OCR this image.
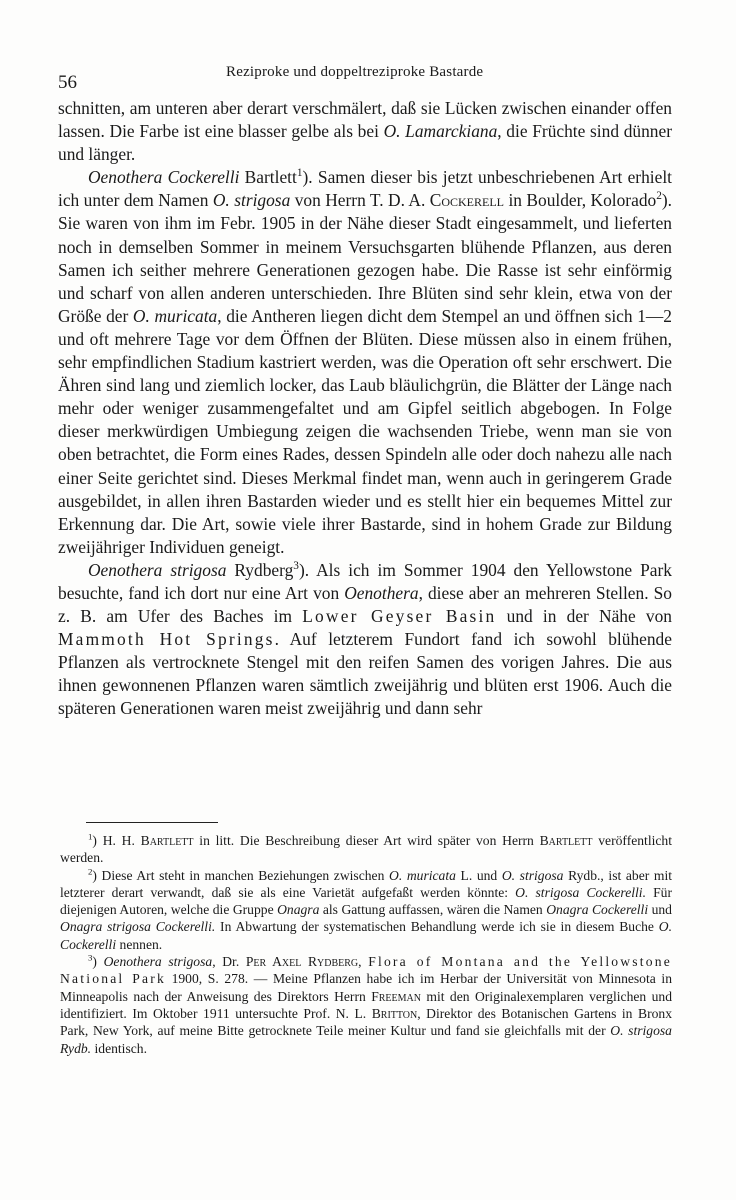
56	Reziproke und doppeltreziproke Bastarde

schnitten, am unteren aber derart verschmälert, daß sie Lücken zwischen einander offen lassen. Die Farbe ist eine blasser gelbe als bei O. Lamarckiana, die Früchte sind dünner und länger.

Oenothera Cockerelli Bartlett$^1$). Samen dieser bis jetzt unbeschriebenen Art erhielt ich unter dem Namen O. strigosa von Herrn T. D. A. Cockerell in Boulder, Kolorado$^2$). Sie waren von ihm im Febr. 1905 in der Nähe dieser Stadt eingesammelt, und lieferten noch in demselben Sommer in meinem Versuchsgarten blühende Pflanzen, aus deren Samen ich seither mehrere Generationen gezogen habe. Die Rasse ist sehr einförmig und scharf von allen anderen unterschieden. Ihre Blüten sind sehr klein, etwa von der Größe der O. muricata, die Antheren liegen dicht dem Stempel an und öffnen sich 1—2 und oft mehrere Tage vor dem Öffnen der Blüten. Diese müssen also in einem frühen, sehr empfindlichen Stadium kastriert werden, was die Operation oft sehr erschwert. Die Ähren sind lang und ziemlich locker, das Laub bläulichgrün, die Blätter der Länge nach mehr oder weniger zusammengefaltet und am Gipfel seitlich abgebogen. In Folge dieser merkwürdigen Umbiegung zeigen die wachsenden Triebe, wenn man sie von oben betrachtet, die Form eines Rades, dessen Spindeln alle oder doch nahezu alle nach einer Seite gerichtet sind. Dieses Merkmal findet man, wenn auch in geringerem Grade ausgebildet, in allen ihren Bastarden wieder und es stellt hier ein bequemes Mittel zur Erkennung dar. Die Art, sowie viele ihrer Bastarde, sind in hohem Grade zur Bildung zweijähriger Individuen geneigt.

Oenothera strigosa Rydberg$^3$). Als ich im Sommer 1904 den Yellowstone Park besuchte, fand ich dort nur eine Art von Oenothera, diese aber an mehreren Stellen. So z. B. am Ufer des Baches im Lower Geyser Basin und in der Nähe von Mammoth Hot Springs. Auf letzterem Fundort fand ich sowohl blühende Pflanzen als vertrocknete Stengel mit den reifen Samen des vorigen Jahres. Die aus ihnen gewonnenen Pflanzen waren sämtlich zweijährig und blüten erst 1906. Auch die späteren Generationen waren meist zweijährig und dann sehr

$^1$) H. H. Bartlett in litt. Die Beschreibung dieser Art wird später von Herrn Bartlett veröffentlicht werden.

$^2$) Diese Art steht in manchen Beziehungen zwischen O. muricata L. und O. strigosa Rydb., ist aber mit letzterer derart verwandt, daß sie als eine Varietät aufgefaßt werden könnte: O. strigosa Cockerelli. Für diejenigen Autoren, welche die Gruppe Onagra als Gattung auffassen, wären die Namen Onagra Cockerelli und Onagra strigosa Cockerelli. In Abwartung der systematischen Behandlung werde ich sie in diesem Buche O. Cockerelli nennen.

$^3$) Oenothera strigosa, Dr. Per Axel Rydberg, Flora of Montana and the Yellowstone National Park 1900, S. 278. — Meine Pflanzen habe ich im Herbar der Universität von Minnesota in Minneapolis nach der Anweisung des Direktors Herrn Freeman mit den Originalexemplaren verglichen und identifiziert. Im Oktober 1911 untersuchte Prof. N. L. Britton, Direktor des Botanischen Gartens in Bronx Park, New York, auf meine Bitte getrocknete Teile meiner Kultur und fand sie gleichfalls mit der O. strigosa Rydb. identisch.
